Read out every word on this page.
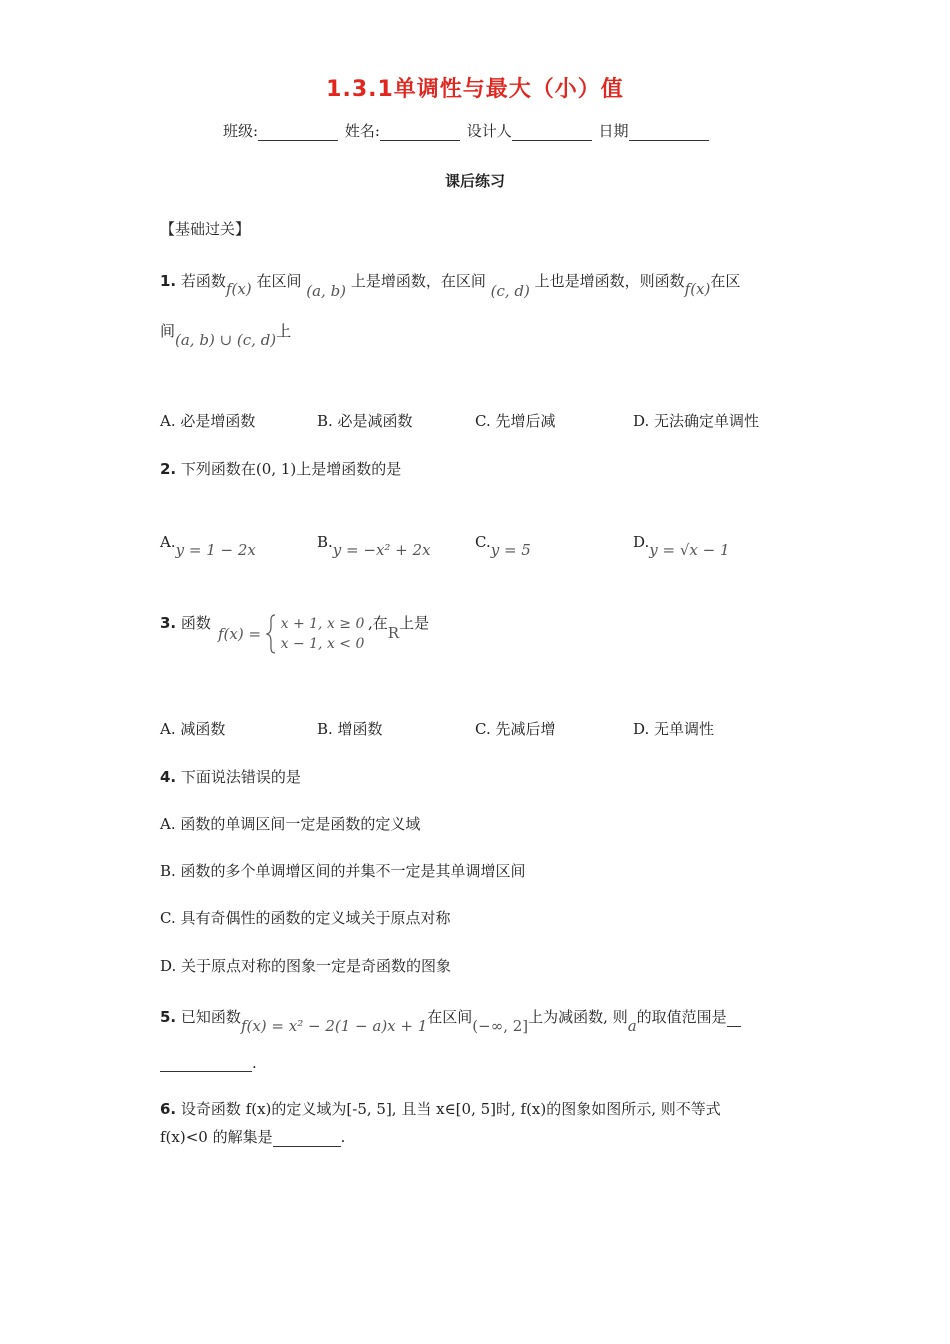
1.3.1单调性与最大（小）值
班级:	姓名:	设计人	日期
课后练习
【基础过关】
1. 若函数f(x) 在区间 (a, b) 上是增函数，在区间 (c, d) 上也是增函数，则函数f(x)在区
间(a, b) ∪ (c, d)上
A. 必是增函数	B. 必是减函数	C. 先增后减	D. 无法确定单调性
2. 下列函数在(0, 1)上是增函数的是
A.y = 1 − 2x	B.y = −x² + 2x	C.y = 5	D.y = √x − 1
3. 函数
f(x) =
x + 1, x ≥ 0
x − 1, x < 0
,在R上是
A. 减函数	B. 增函数	C. 先减后增	D. 无单调性
4. 下面说法错误的是
A. 函数的单调区间一定是函数的定义域
B. 函数的多个单调增区间的并集不一定是其单调增区间
C. 具有奇偶性的函数的定义域关于原点对称
D. 关于原点对称的图象一定是奇函数的图象
5. 已知函数f(x) = x² − 2(1 − a)x + 1在区间(−∞, 2]上为减函数, 则a的取值范围是
.
6. 设奇函数 f(x)的定义域为[-5, 5], 且当 x∈[0, 5]时, f(x)的图象如图所示, 则不等式
f(x)<0 的解集是	.
